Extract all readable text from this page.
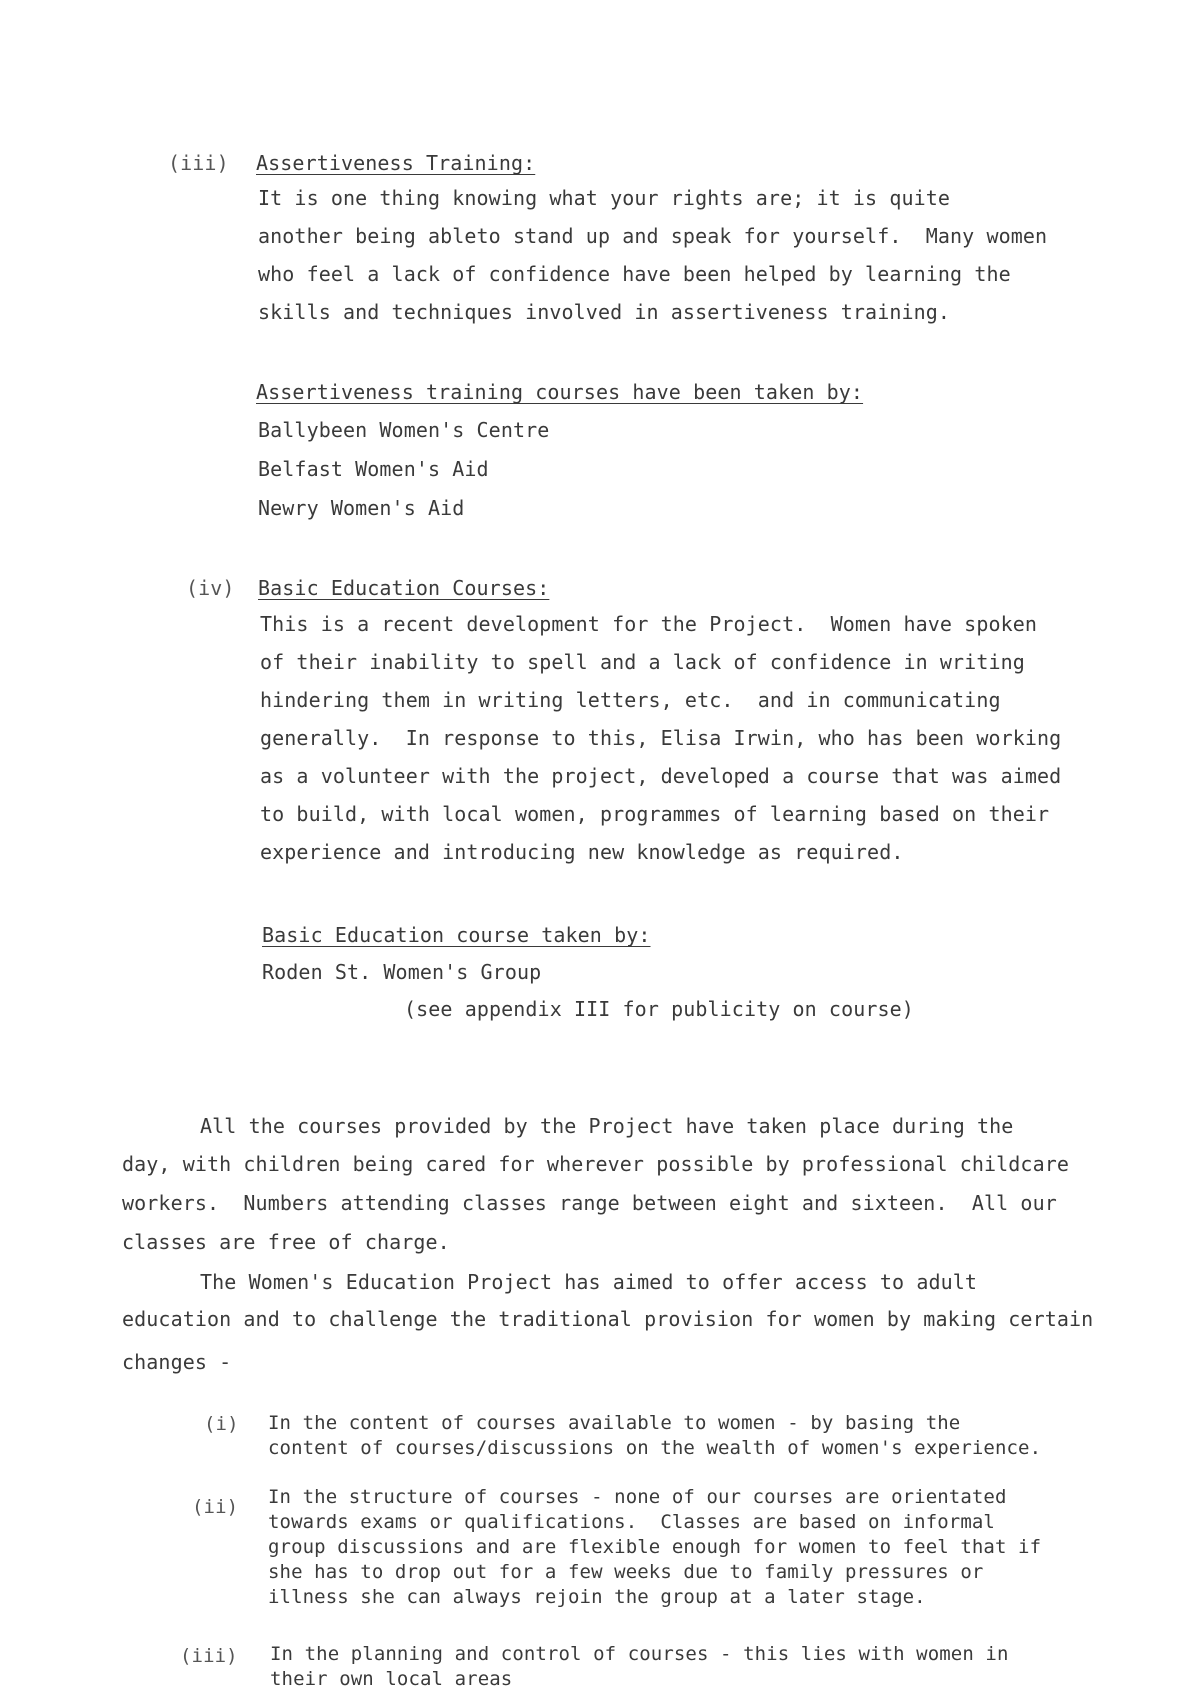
(iii) Assertiveness Training:
It is one thing knowing what your rights are; it is quite
another being ableto stand up and speak for yourself.  Many women
who feel a lack of confidence have been helped by learning the
skills and techniques involved in assertiveness training.
Assertiveness training courses have been taken by:
Ballybeen Women's Centre
Belfast Women's Aid
Newry Women's Aid
(iv) Basic Education Courses:
This is a recent development for the Project.  Women have spoken
of their inability to spell and a lack of confidence in writing
hindering them in writing letters, etc.  and in communicating
generally.  In response to this, Elisa Irwin, who has been working
as a volunteer with the project, developed a course that was aimed
to build, with local women, programmes of learning based on their
experience and introducing new knowledge as required.
Basic Education course taken by:
Roden St. Women's Group
(see appendix III for publicity on course)
All the courses provided by the Project have taken place during the
day, with children being cared for wherever possible by professional childcare
workers.  Numbers attending classes range between eight and sixteen.  All our
classes are free of charge.
The Women's Education Project has aimed to offer access to adult
education and to challenge the traditional provision for women by making certain
changes -
(i) In the content of courses available to women - by basing the
content of courses/discussions on the wealth of women's experience.
(ii) In the structure of courses - none of our courses are orientated
towards exams or qualifications.  Classes are based on informal
group discussions and are flexible enough for women to feel that if
she has to drop out for a few weeks due to family pressures or
illness she can always rejoin the group at a later stage.
(iii) In the planning and control of courses - this lies with women in
their own local areas
